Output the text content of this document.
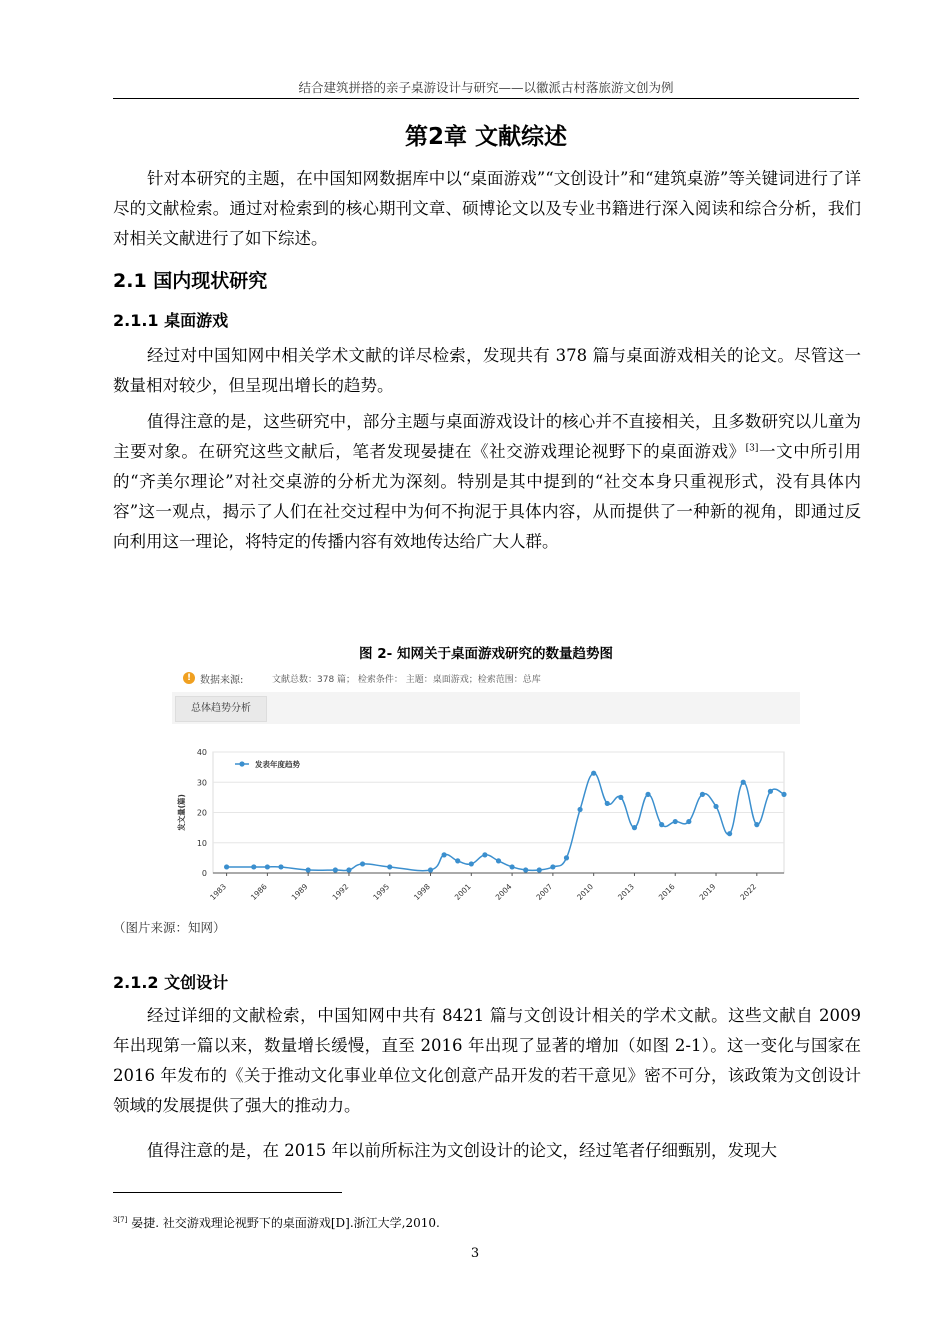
结合建筑拼搭的亲子桌游设计与研究——以徽派古村落旅游文创为例
第2章 文献综述

针对本研究的主题，在中国知网数据库中以“桌面游戏”“文创设计”和“建筑桌游”等关键词进行了详尽的文献检索。通过对检索到的核心期刊文章、硕博论文以及专业书籍进行深入阅读和综合分析，我们对相关文献进行了如下综述。

2.1 国内现状研究
2.1.1 桌面游戏

经过对中国知网中相关学术文献的详尽检索，发现共有 378 篇与桌面游戏相关的论文。尽管这一数量相对较少，但呈现出增长的趋势。

值得注意的是，这些研究中，部分主题与桌面游戏设计的核心并不直接相关，且多数研究以儿童为主要对象。在研究这些文献后，笔者发现晏捷在《社交游戏理论视野下的桌面游戏》[3]一文中所引用的“齐美尔理论”对社交桌游的分析尤为深刻。特别是其中提到的“社交本身只重视形式，没有具体内容”这一观点，揭示了人们在社交过程中为何不拘泥于具体内容，从而提供了一种新的视角，即通过反向利用这一理论，将特定的传播内容有效地传达给广大人群。

图 2- 知网关于桌面游戏研究的数量趋势图
! 数据来源:	文献总数：378 篇； 检索条件： 主题：桌面游戏；检索范围：总库
总体趋势分析
0
10
20
30
40
1983	1986	1989	1992	1995	1998	2001	2004	2007	2010	2013	2016	2019	2022
发文量(篇)
发表年度趋势
（图片来源：知网）
2.1.2 文创设计

经过详细的文献检索，中国知网中共有 8421 篇与文创设计相关的学术文献。这些文献自 2009 年出现第一篇以来，数量增长缓慢，直至 2016 年出现了显著的增加（如图 2-1）。这一变化与国家在 2016 年发布的《关于推动文化事业单位文化创意产品开发的若干意见》密不可分，该政策为文创设计领域的发展提供了强大的推动力。

值得注意的是，在 2015 年以前所标注为文创设计的论文，经过笔者仔细甄别，发现大

$^{3[7]}$ 晏捷. 社交游戏理论视野下的桌面游戏[D].浙江大学,2010.
3
